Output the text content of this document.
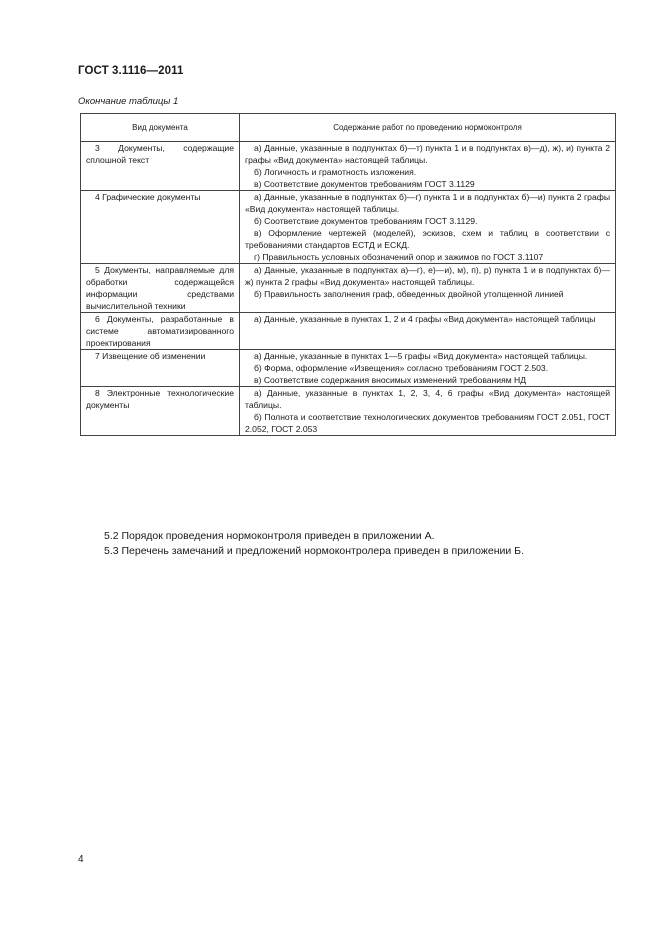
ГОСТ 3.1116—2011
Окончание таблицы 1
Вид документа	Содержание работ по проведению нормоконтроля

3 Документы, содержащие сплошной текст	а) Данные, указанные в подпунктах б)—т) пункта 1 и в подпунктах в)—д), ж), и) пункта 2 графы «Вид документа» настоящей таблицы.
б) Логичность и грамотность изложения.
в) Соответствие документов требованиям ГОСТ 3.1129

4 Графические документы	а) Данные, указанные в подпунктах б)—г) пункта 1 и в подпунктах б)—и) пункта 2 графы «Вид документа» настоящей таблицы.
б) Соответствие документов требованиям ГОСТ 3.1129.
в) Оформление чертежей (моделей), эскизов, схем и таблиц в соответствии с требованиями стандартов ЕСТД и ЕСКД.
г) Правильность условных обозначений опор и зажимов по ГОСТ 3.1107

5 Документы, направляемые для обработки содержащейся информации средствами вычислительной техники	а) Данные, указанные в подпунктах а)—г), е)—и), м), п), р) пункта 1 и в подпунктах б)—ж) пункта 2 графы «Вид документа» настоящей таблицы.
б) Правильность заполнения граф, обведенных двойной утолщенной линией

6 Документы, разработанные в системе автоматизированного проектирования	а) Данные, указанные в пунктах 1, 2 и 4 графы «Вид документа» настоящей таблицы

7 Извещение об изменении	а) Данные, указанные в пунктах 1—5 графы «Вид документа» настоящей таблицы.
б) Форма, оформление «Извещения» согласно требованиям ГОСТ 2.503.
в) Соответствие содержания вносимых изменений требованиям НД

8 Электронные технологические документы	а) Данные, указанные в пунктах 1, 2, 3, 4, 6 графы «Вид документа» настоящей таблицы.
б) Полнота и соответствие технологических документов требованиям ГОСТ 2.051, ГОСТ 2.052, ГОСТ 2.053
5.2 Порядок проведения нормоконтроля приведен в приложении А.
5.3 Перечень замечаний и предложений нормоконтролера приведен в приложении Б.
4
